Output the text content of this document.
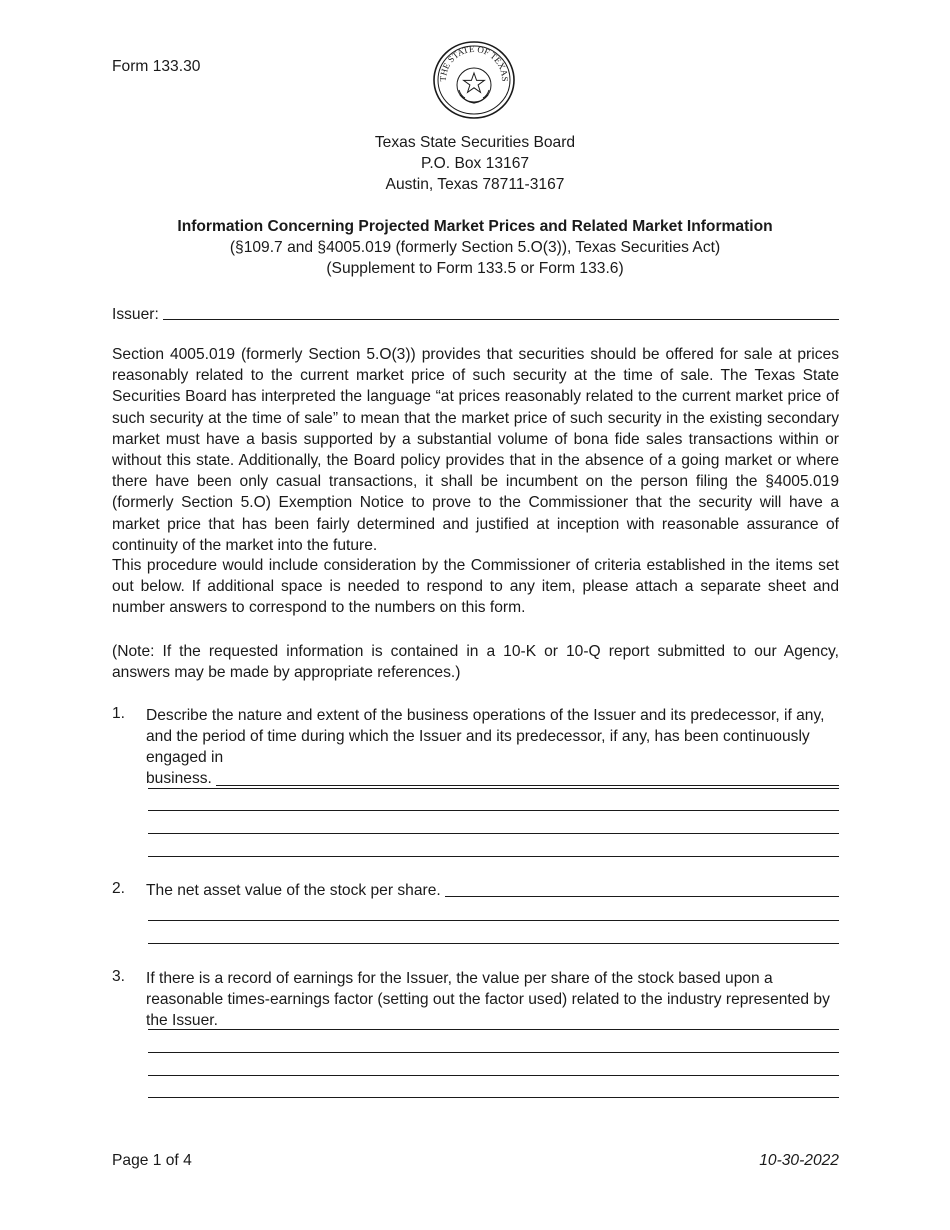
Form 133.30
THE STATE OF TEXAS
Texas State Securities Board
P.O. Box 13167
Austin, Texas 78711-3167
Information Concerning Projected Market Prices and Related Market Information
(§109.7 and §4005.019 (formerly Section 5.O(3)), Texas Securities Act)
(Supplement to Form 133.5 or Form 133.6)
Issuer:
Section 4005.019 (formerly Section 5.O(3)) provides that securities should be offered for sale at prices reasonably related to the current market price of such security at the time of sale. The Texas State Securities Board has interpreted the language “at prices reasonably related to the current market price of such security at the time of sale” to mean that the market price of such security in the existing secondary market must have a basis supported by a substantial volume of bona fide sales transactions within or without this state. Additionally, the Board policy provides that in the absence of a going market or where there have been only casual transactions, it shall be incumbent on the person filing the §4005.019 (formerly Section 5.O) Exemption Notice to prove to the Commissioner that the security will have a market price that has been fairly determined and justified at inception with reasonable assurance of continuity of the market into the future.
This procedure would include consideration by the Commissioner of criteria established in the items set out below. If additional space is needed to respond to any item, please attach a separate sheet and number answers to correspond to the numbers on this form.
(Note: If the requested information is contained in a 10-K or 10-Q report submitted to our Agency, answers may be made by appropriate references.)
1. Describe the nature and extent of the business operations of the Issuer and its predecessor, if any, and the period of time during which the Issuer and its predecessor, if any, has been continuously engaged in
business.
2. The net asset value of the stock per share.
3. If there is a record of earnings for the Issuer, the value per share of the stock based upon a reasonable times-earnings factor (setting out the factor used) related to the industry represented by the Issuer.
Page 1 of 4	10-30-2022
